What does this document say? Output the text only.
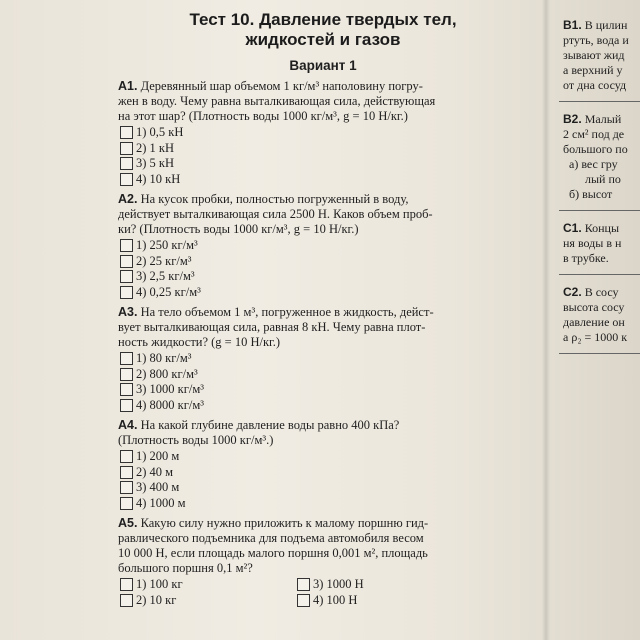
Тест 10. Давление твердых тел,
жидкостей и газов
Вариант 1
A1. Деревянный шар объемом 1 кг/м³ наполовину погру-
жен в воду. Чему равна выталкивающая сила, действующая
на этот шар? (Плотность воды 1000 кг/м³, g = 10 Н/кг.)
1) 0,5 кН
2) 1 кН
3) 5 кН
4) 10 кН
A2. На кусок пробки, полностью погруженный в воду,
действует выталкивающая сила 2500 Н. Каков объем проб-
ки? (Плотность воды 1000 кг/м³, g = 10 Н/кг.)
1) 250 кг/м³
2) 25 кг/м³
3) 2,5 кг/м³
4) 0,25 кг/м³
A3. На тело объемом 1 м³, погруженное в жидкость, дейст-
вует выталкивающая сила, равная 8 кН. Чему равна плот-
ность жидкости? (g = 10 Н/кг.)
1) 80 кг/м³
2) 800 кг/м³
3) 1000 кг/м³
4) 8000 кг/м³
A4. На какой глубине давление воды равно 400 кПа?
(Плотность воды 1000 кг/м³.)
1) 200 м
2) 40 м
3) 400 м
4) 1000 м
A5. Какую силу нужно приложить к малому поршню гид-
равлического подъемника для подъема автомобиля весом
10 000 Н, если площадь малого поршня 0,001 м², площадь
большого поршня 0,1 м²?
1) 100 кг	3) 1000 Н
2) 10 кг	4) 100 Н
В1. В цилин
ртуть, вода и
зывают жид
а верхний у
от дна сосуд
В2. Малый
2 см² под де
большого по
а) вес гру
лый по
б) высот
С1. Концы
ня воды в н
в трубке.
С2. В сосу
высота сосу
давление он
а ρ₂ = 1000 к
